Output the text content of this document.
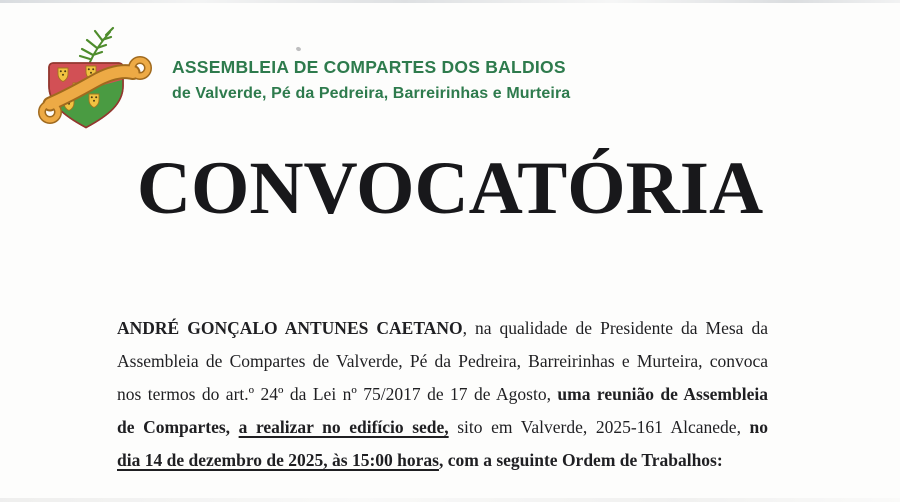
ASSEMBLEIA DE COMPARTES DOS BALDIOS
de Valverde, Pé da Pedreira, Barreirinhas e Murteira
CONVOCATÓRIA
ANDRÉ GONÇALO ANTUNES CAETANO, na qualidade de Presidente da Mesa da
Assembleia de Compartes de Valverde, Pé da Pedreira, Barreirinhas e Murteira, convoca
nos termos do art.º 24º da Lei nº 75/2017 de 17 de Agosto, uma reunião de Assembleia
de Compartes, a realizar no edifício sede, sito em Valverde, 2025-161 Alcanede, no
dia 14 de dezembro de 2025, às 15:00 horas, com a seguinte Ordem de Trabalhos:
